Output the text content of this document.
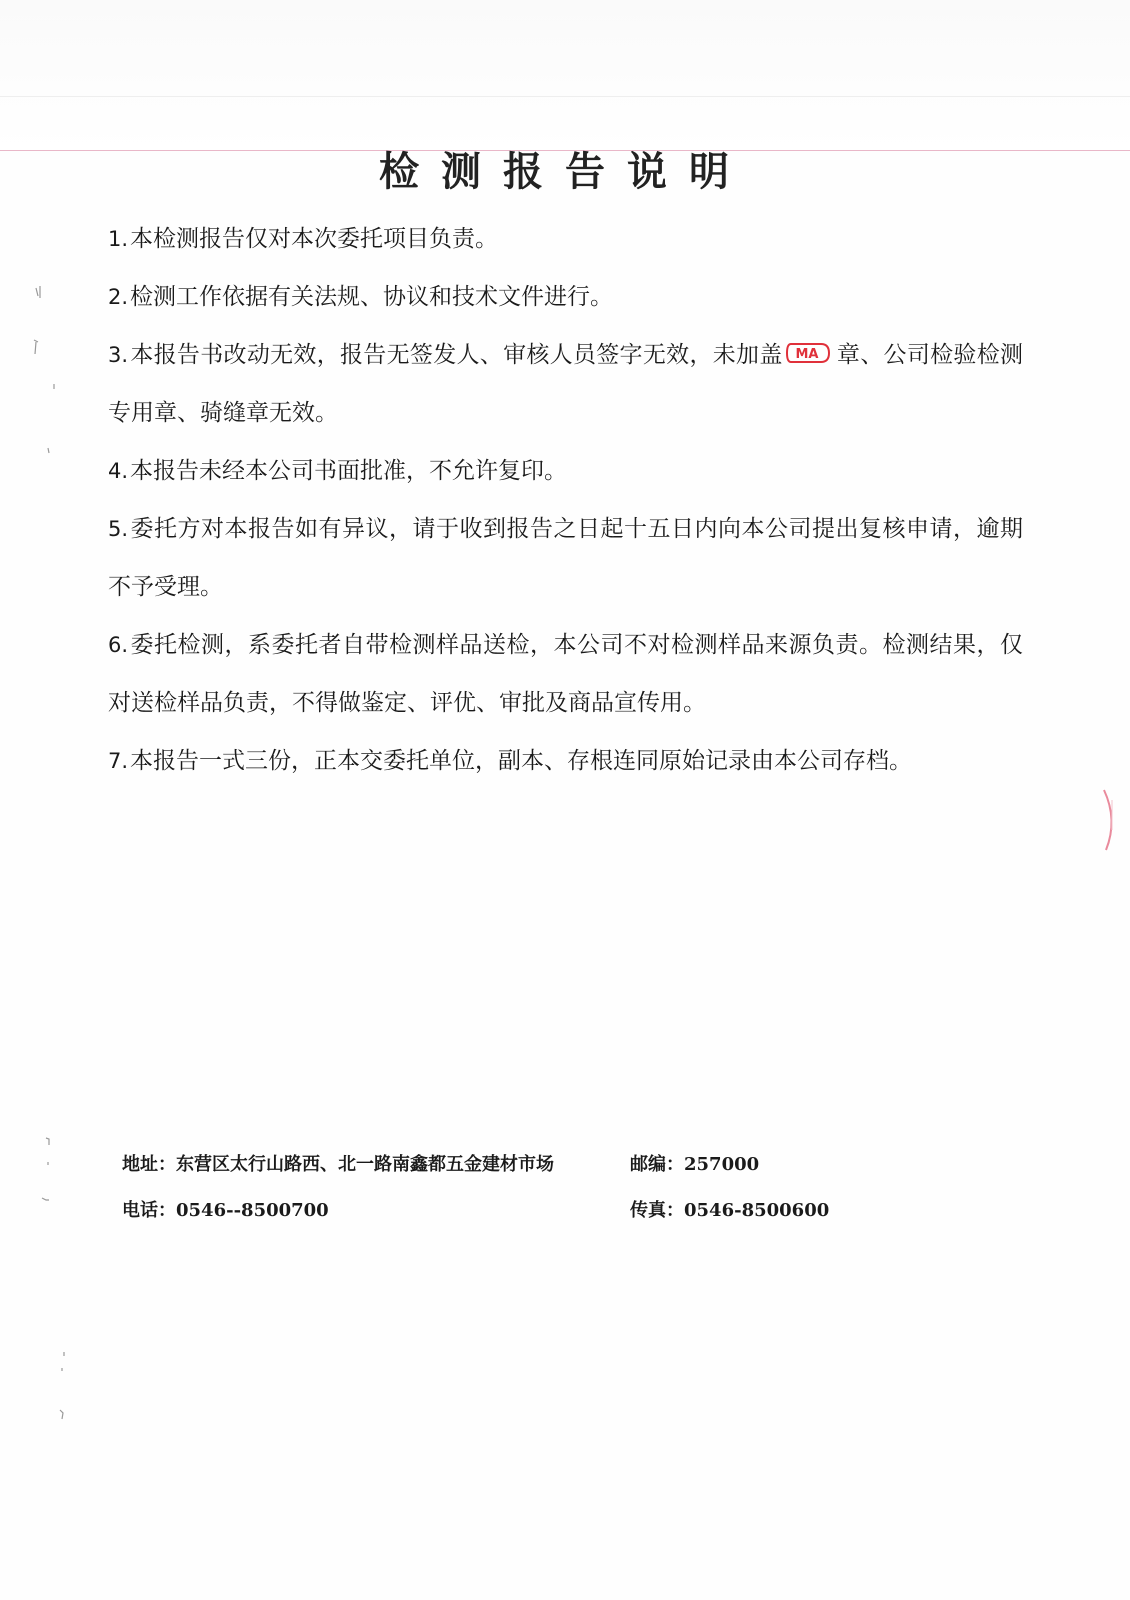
检测报告说明

1.本检测报告仅对本次委托项目负责。

2.检测工作依据有关法规、协议和技术文件进行。

3.本报告书改动无效，报告无签发人、审核人员签字无效，未加盖 MA 章、公司检验检测专用章、骑缝章无效。

4.本报告未经本公司书面批准，不允许复印。

5.委托方对本报告如有异议，请于收到报告之日起十五日内向本公司提出复核申请，逾期不予受理。

6.委托检测，系委托者自带检测样品送检，本公司不对检测样品来源负责。检测结果，仅对送检样品负责，不得做鉴定、评优、审批及商品宣传用。

7.本报告一式三份，正本交委托单位，副本、存根连同原始记录由本公司存档。

地址：东营区太行山路西、北一路南鑫都五金建材市场	邮编：257000
电话：0546--8500700	传真：0546-8500600
